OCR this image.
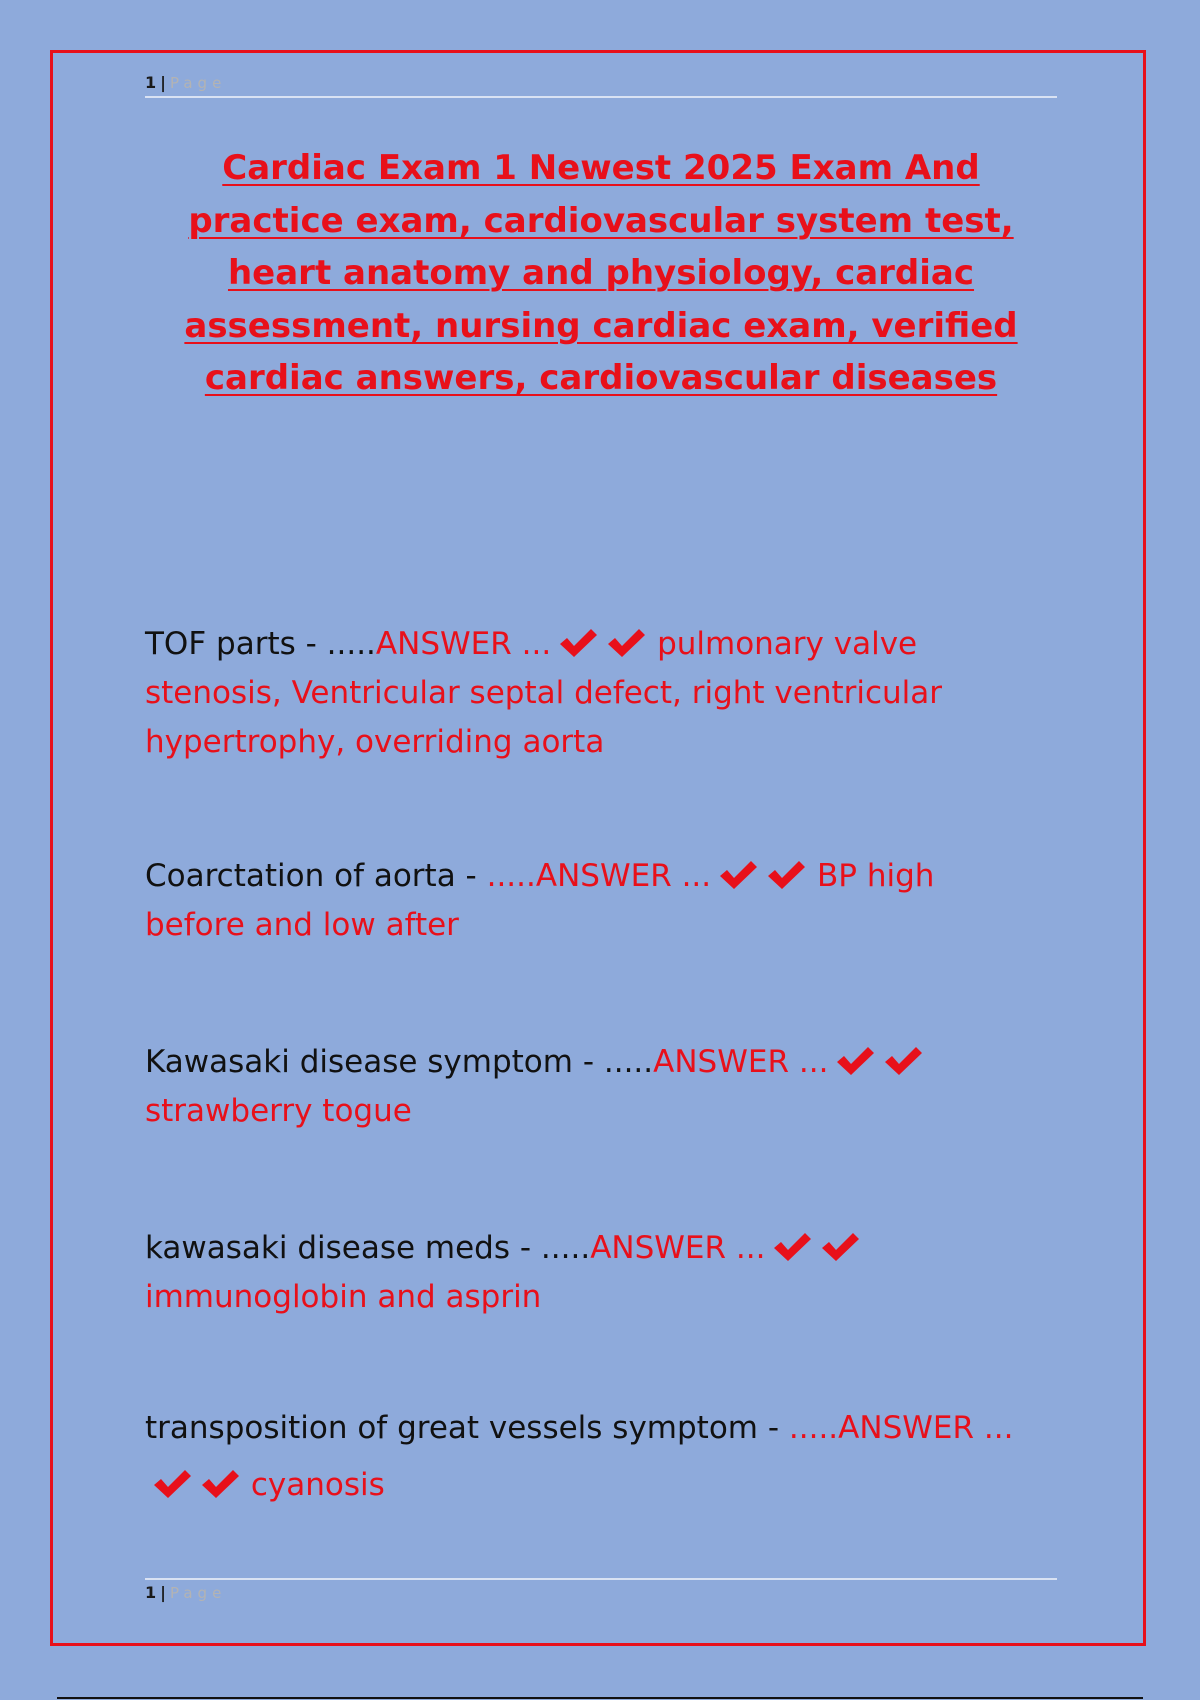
1 | Page
Cardiac Exam 1 Newest 2025 Exam And practice exam, cardiovascular system test, heart anatomy and physiology, cardiac assessment, nursing cardiac exam, verified cardiac answers, cardiovascular diseases

TOF parts - .....ANSWER ...	pulmonary valve stenosis, Ventricular septal defect, right ventricular hypertrophy, overriding aorta

Coarctation of aorta - .....ANSWER ...	BP high before and low after

Kawasaki disease symptom - .....ANSWER ...

strawberry togue

kawasaki disease meds - .....ANSWER ...

immunoglobin and asprin

transposition of great vessels symptom - .....ANSWER ...
cyanosis

1 | Page
